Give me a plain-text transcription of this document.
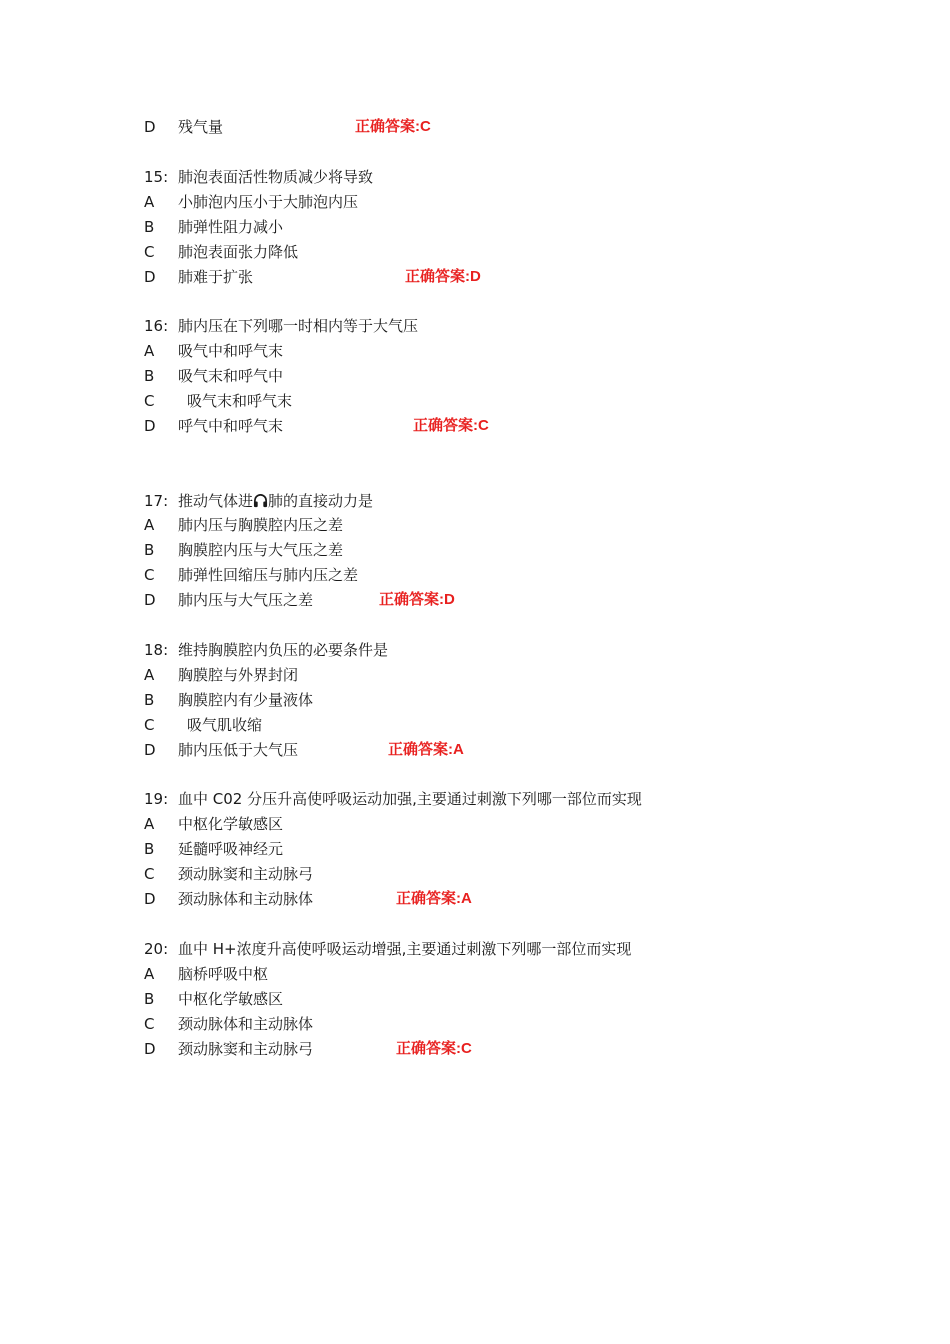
D 残气量	正确答案:C
15: 肺泡表面活性物质减少将导致
A 小肺泡内压小于大肺泡内压
B 肺弹性阻力减小
C 肺泡表面张力降低
D 肺难于扩张	正确答案:D
16: 肺内压在下列哪一时相内等于大气压
A 吸气中和呼气末
B 吸气末和呼气中
C 吸气末和呼气末
D 呼气中和呼气末	正确答案:C
17: 推动气体进 肺的直接动力是
A 肺内压与胸膜腔内压之差
B 胸膜腔内压与大气压之差
C 肺弹性回缩压与肺内压之差
D 肺内压与大气压之差	正确答案:D
18: 维持胸膜腔内负压的必要条件是
A 胸膜腔与外界封闭
B 胸膜腔内有少量液体
C 吸气肌收缩
D 肺内压低于大气压	正确答案:A
19: 血中 C02 分压升高使呼吸运动加强,主要通过刺激下列哪一部位而实现
A 中枢化学敏感区
B 延髓呼吸神经元
C 颈动脉窦和主动脉弓
D 颈动脉体和主动脉体	正确答案:A
20: 血中 H+浓度升高使呼吸运动增强,主要通过刺激下列哪一部位而实现
A 脑桥呼吸中枢
B 中枢化学敏感区
C 颈动脉体和主动脉体
D 颈动脉窦和主动脉弓	正确答案:C
